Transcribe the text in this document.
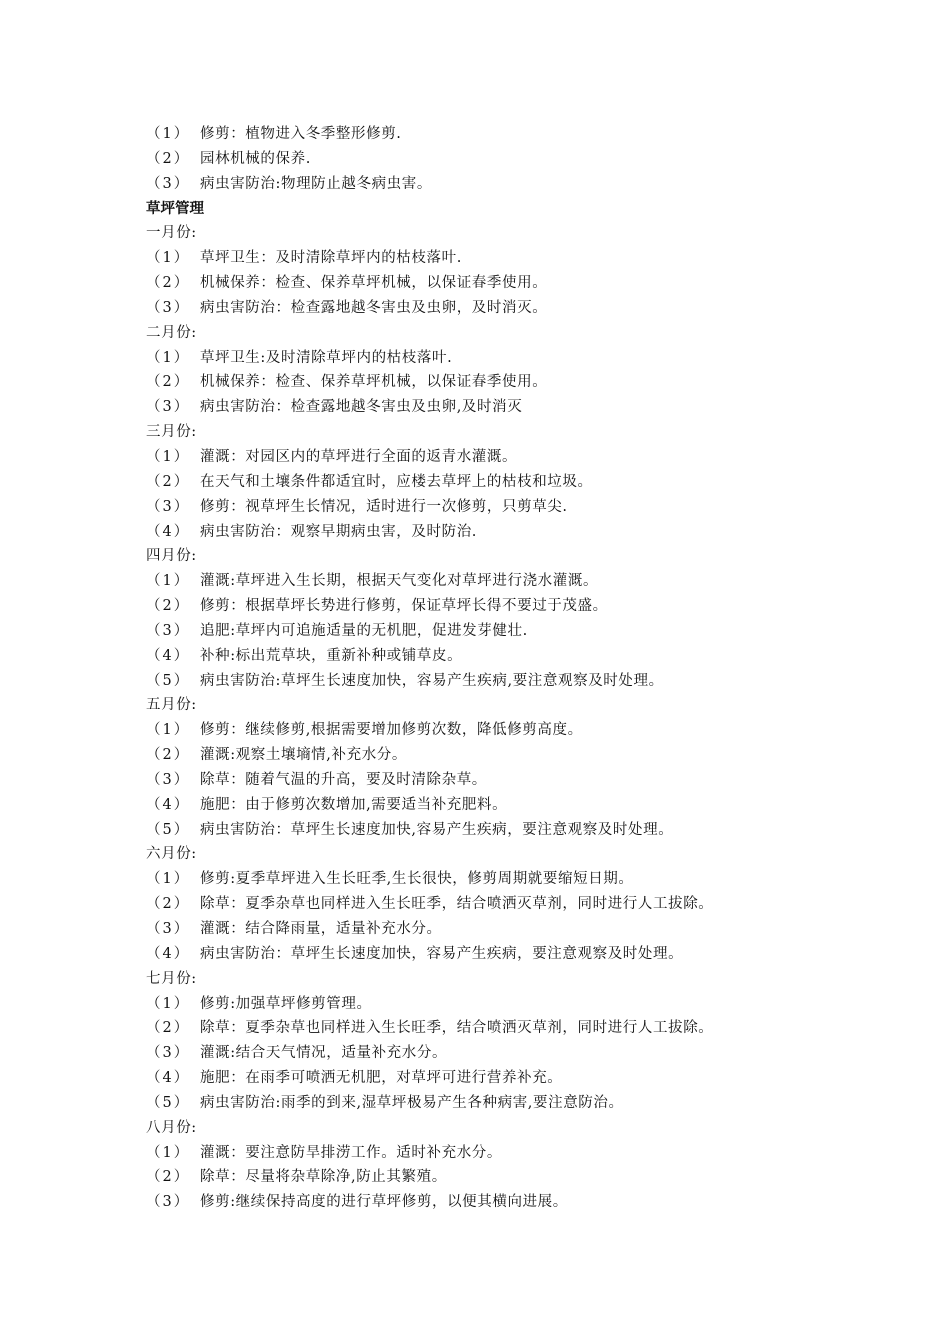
（1） 修剪：植物进入冬季整形修剪.
（2） 园林机械的保养.
（3） 病虫害防治:物理防止越冬病虫害。
草坪管理
一月份:
（1） 草坪卫生：及时清除草坪内的枯枝落叶.
（2） 机械保养：检查、保养草坪机械，以保证春季使用。
（3） 病虫害防治：检查露地越冬害虫及虫卵，及时消灭。
二月份:
（1） 草坪卫生:及时清除草坪内的枯枝落叶.
（2） 机械保养：检查、保养草坪机械，以保证春季使用。
（3） 病虫害防治：检查露地越冬害虫及虫卵,及时消灭
三月份:
（1） 灌溉：对园区内的草坪进行全面的返青水灌溉。
（2） 在天气和土壤条件都适宜时，应楼去草坪上的枯枝和垃圾。
（3） 修剪：视草坪生长情况，适时进行一次修剪，只剪草尖.
（4） 病虫害防治：观察早期病虫害，及时防治.
四月份:
（1） 灌溉:草坪进入生长期，根据天气变化对草坪进行浇水灌溉。
（2） 修剪：根据草坪长势进行修剪，保证草坪长得不要过于茂盛。
（3） 追肥:草坪内可追施适量的无机肥，促进发芽健壮.
（4） 补种:标出荒草块，重新补种或铺草皮。
（5） 病虫害防治:草坪生长速度加快，容易产生疾病,要注意观察及时处理。
五月份:
（1） 修剪：继续修剪,根据需要增加修剪次数，降低修剪高度。
（2） 灌溉:观察土壤墒情,补充水分。
（3） 除草：随着气温的升高，要及时清除杂草。
（4） 施肥：由于修剪次数增加,需要适当补充肥料。
（5） 病虫害防治：草坪生长速度加快,容易产生疾病，要注意观察及时处理。
六月份:
（1） 修剪:夏季草坪进入生长旺季,生长很快，修剪周期就要缩短日期。
（2） 除草：夏季杂草也同样进入生长旺季，结合喷洒灭草剂，同时进行人工拔除。
（3） 灌溉：结合降雨量，适量补充水分。
（4） 病虫害防治：草坪生长速度加快，容易产生疾病，要注意观察及时处理。
七月份:
（1） 修剪:加强草坪修剪管理。
（2） 除草：夏季杂草也同样进入生长旺季，结合喷洒灭草剂，同时进行人工拔除。
（3） 灌溉:结合天气情况，适量补充水分。
（4） 施肥：在雨季可喷洒无机肥，对草坪可进行营养补充。
（5） 病虫害防治:雨季的到来,湿草坪极易产生各种病害,要注意防治。
八月份:
（1） 灌溉：要注意防旱排涝工作。适时补充水分。
（2） 除草：尽量将杂草除净,防止其繁殖。
（3） 修剪:继续保持高度的进行草坪修剪，以便其横向进展。
